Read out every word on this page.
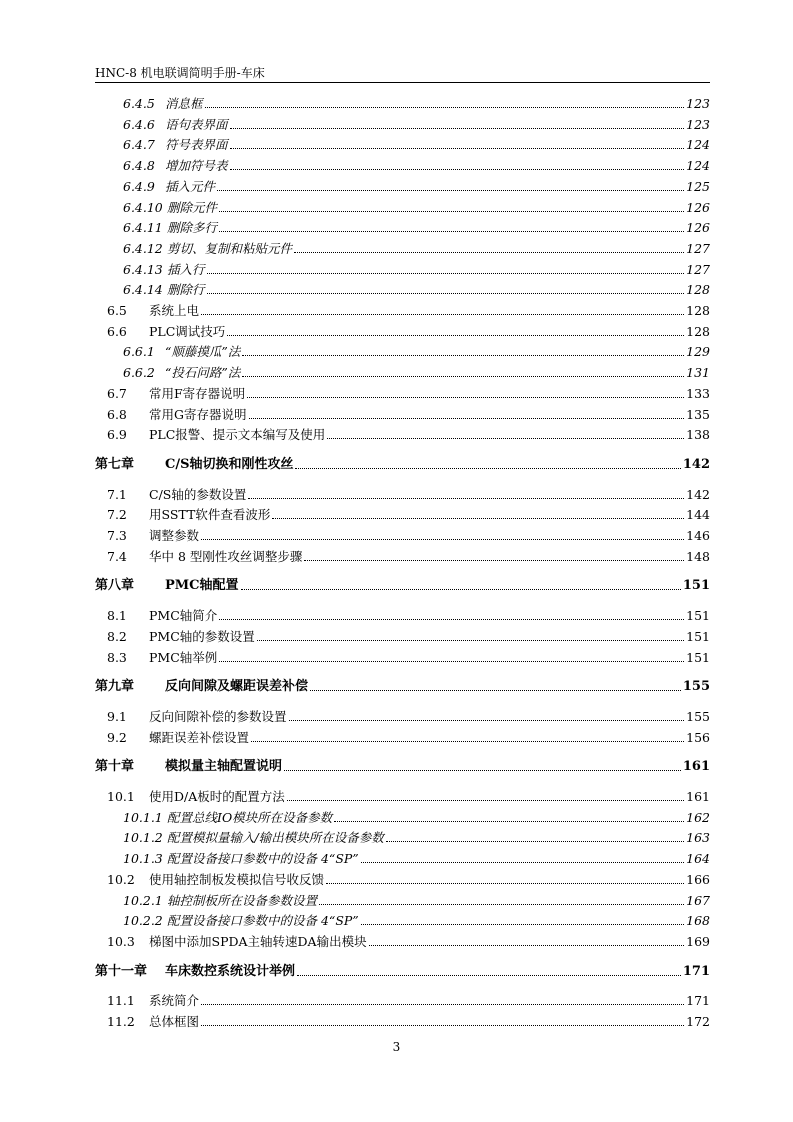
HNC-8 机电联调简明手册-车床
6.4.5 消息框	123
6.4.6 语句表界面	123
6.4.7 符号表界面	124
6.4.8 增加符号表	124
6.4.9 插入元件	125
6.4.10 删除元件	126
6.4.11 删除多行	126
6.4.12 剪切、复制和粘贴元件	127
6.4.13 插入行	127
6.4.14 删除行	128
6.5	系统上电	128
6.6	PLC调试技巧	128
6.6.1 “顺藤摸瓜”法	129
6.6.2 “投石问路”法	131
6.7	常用F寄存器说明	133
6.8	常用G寄存器说明	135
6.9	PLC报警、提示文本编写及使用	138
第七章	C/S轴切换和刚性攻丝	142
7.1	C/S轴的参数设置	142
7.2	用SSTT软件查看波形	144
7.3	调整参数	146
7.4	华中 8 型刚性攻丝调整步骤	148
第八章	PMC轴配置	151
8.1	PMC轴简介	151
8.2	PMC轴的参数设置	151
8.3	PMC轴举例	151
第九章	反向间隙及螺距误差补偿	155
9.1	反向间隙补偿的参数设置	155
9.2	螺距误差补偿设置	156
第十章	模拟量主轴配置说明	161
10.1	使用D/A板时的配置方法	161
10.1.1 配置总线IO模块所在设备参数	162
10.1.2 配置模拟量输入/输出模块所在设备参数	163
10.1.3 配置设备接口参数中的设备 4“SP”	164
10.2	使用轴控制板发模拟信号收反馈	166
10.2.1 轴控制板所在设备参数设置	167
10.2.2 配置设备接口参数中的设备 4“SP”	168
10.3	梯图中添加SPDA主轴转速DA输出模块	169
第十一章	车床数控系统设计举例	171
11.1	系统简介	171
11.2	总体框图	172
3
